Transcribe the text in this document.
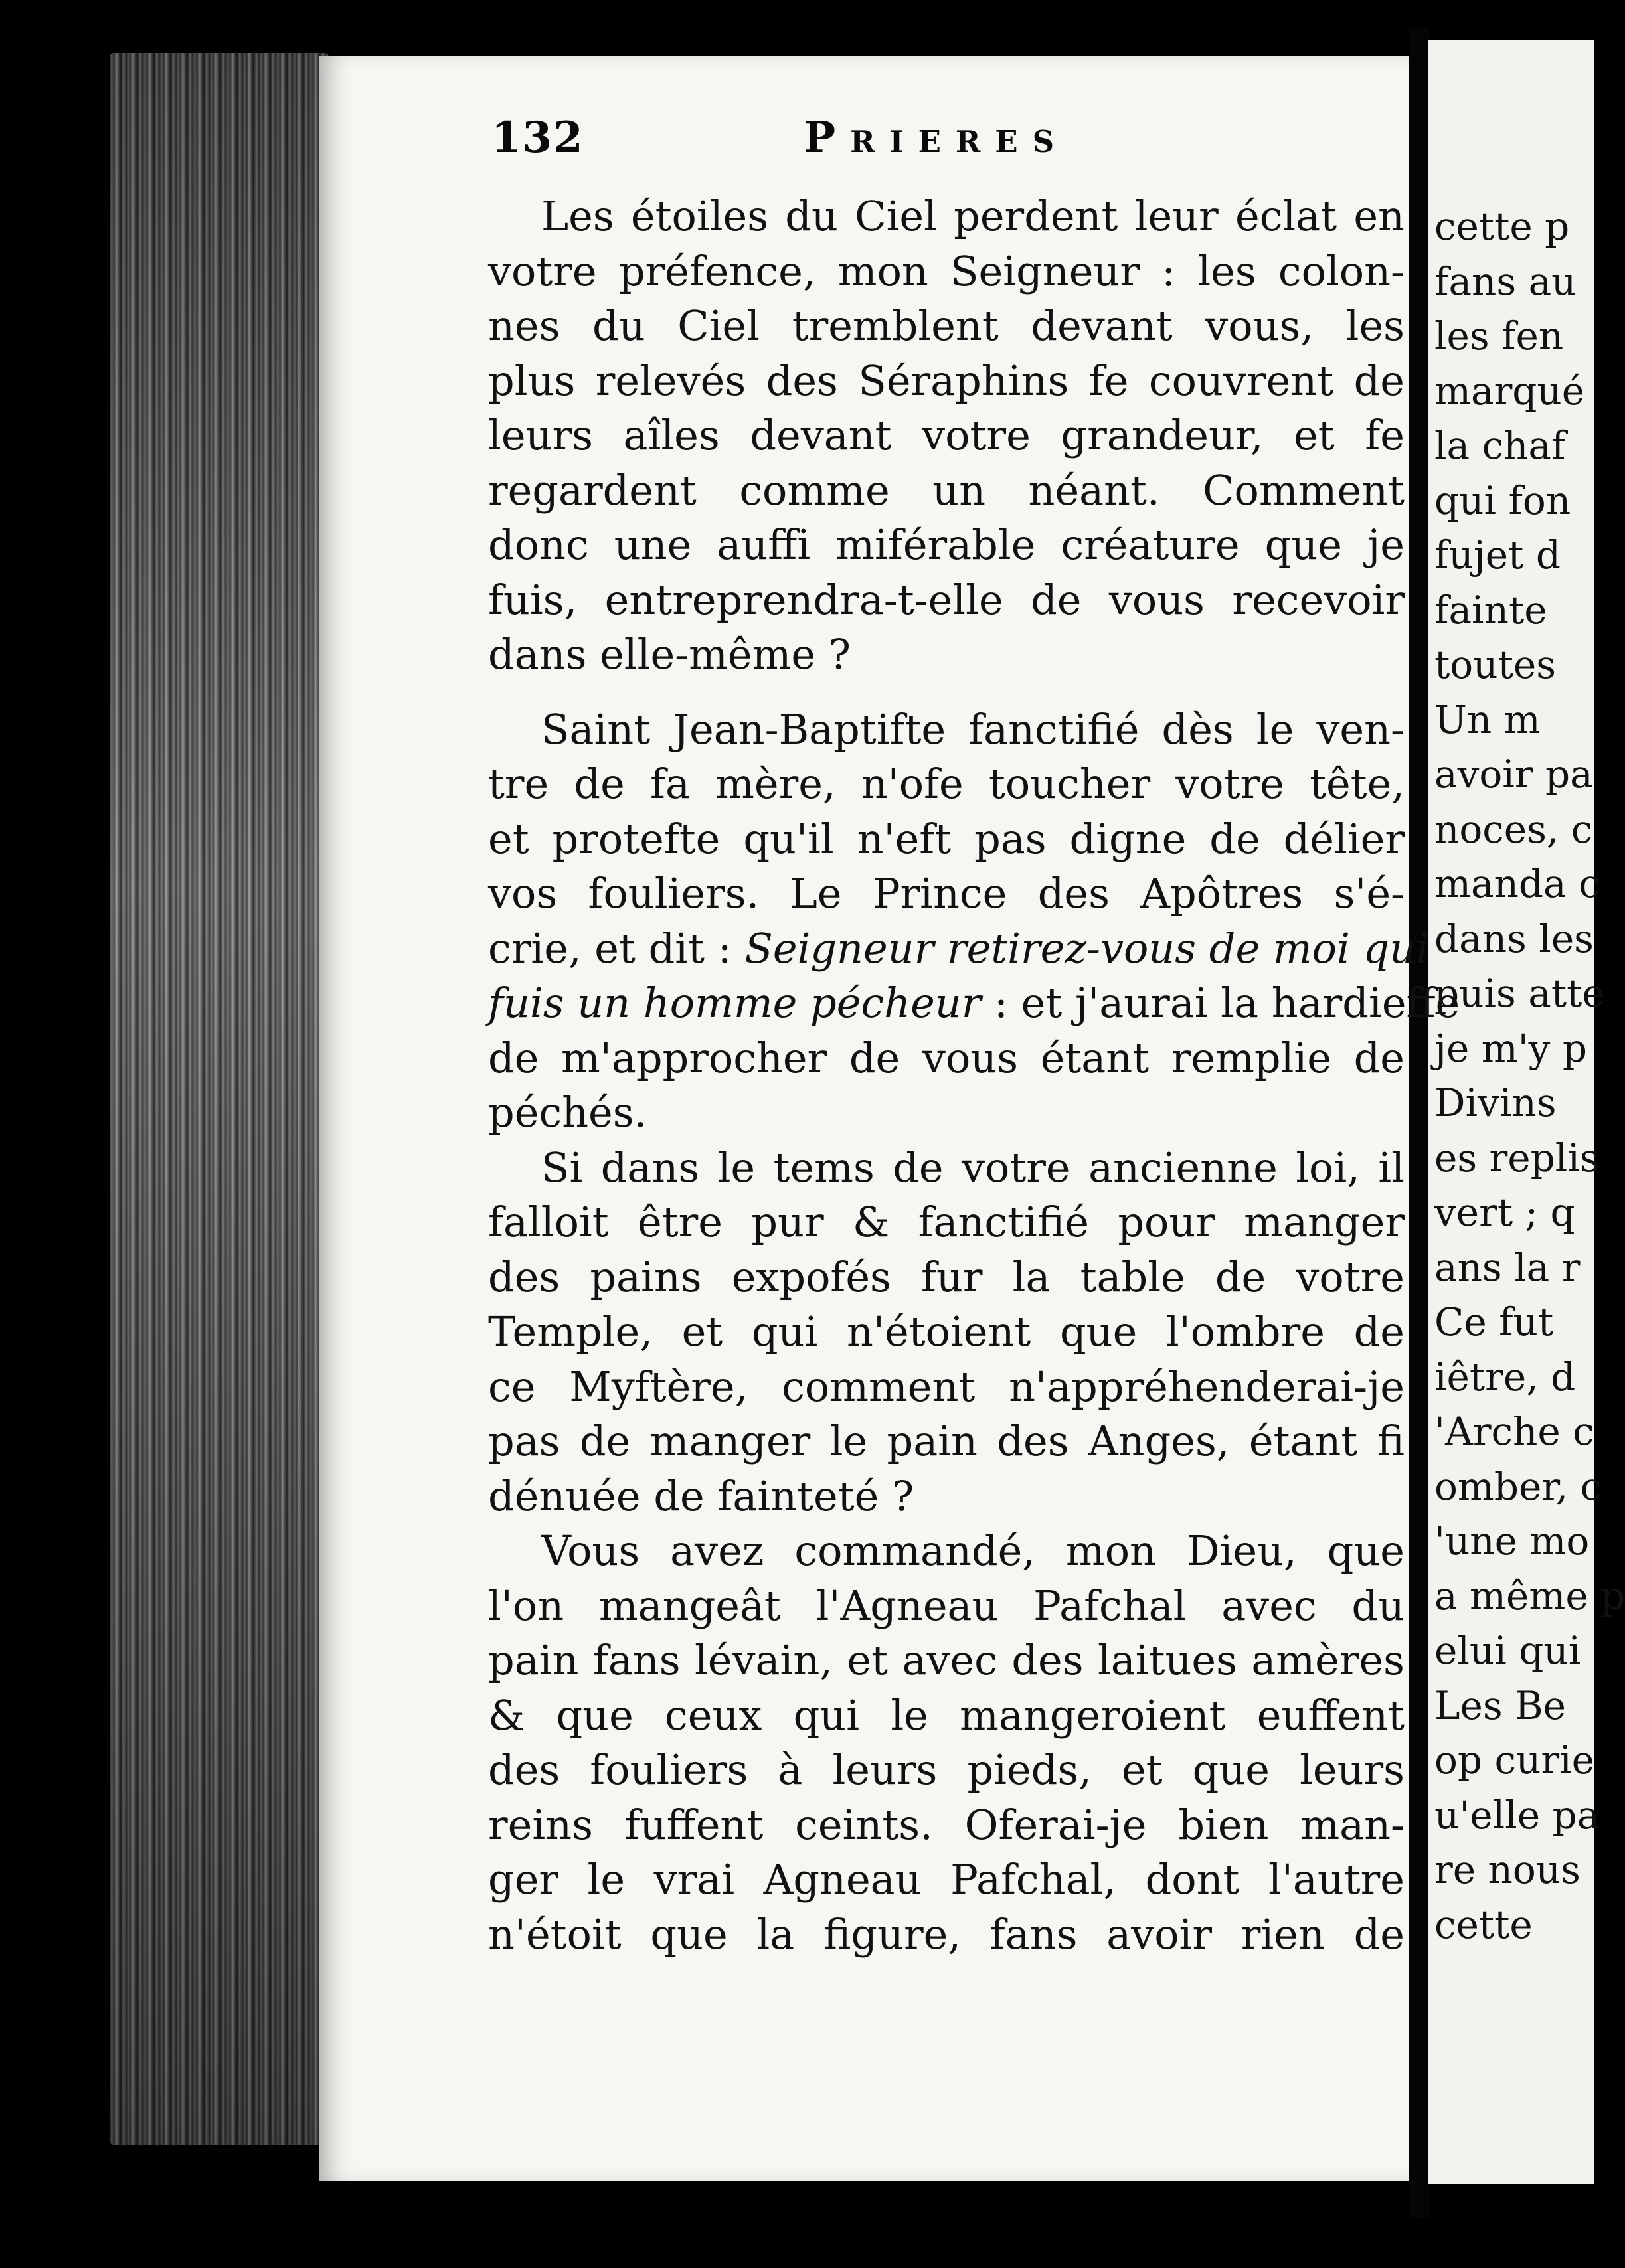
132	Prieres
Les étoiles du Ciel perdent leur éclat en
votre préfence, mon Seigneur : les colon-
nes du Ciel tremblent devant vous, les
plus relevés des Séraphins fe couvrent de
leurs aîles devant votre grandeur, et fe
regardent comme un néant. Comment
donc une auffi miférable créature que je
fuis, entreprendra-t-elle de vous recevoir
dans elle-même ?
Saint Jean-Baptifte fanctifié dès le ven-
tre de fa mère, n'ofe toucher votre tête,
et protefte qu'il n'eft pas digne de délier
vos fouliers. Le Prince des Apôtres s'é-
crie, et dit : Seigneur retirez-vous de moi qui
fuis un homme pécheur : et j'aurai la hardieffe
de m'approcher de vous étant remplie de
péchés.
Si dans le tems de votre ancienne loi, il
falloit être pur & fanctifié pour manger
des pains expofés fur la table de votre
Temple, et qui n'étoient que l'ombre de
ce Myftère, comment n'appréhenderai-je
pas de manger le pain des Anges, étant fi
dénuée de fainteté ?
Vous avez commandé, mon Dieu, que
l'on mangeât l'Agneau Pafchal avec du
pain fans lévain, et avec des laitues amères
& que ceux qui le mangeroient euffent
des fouliers à leurs pieds, et que leurs
reins fuffent ceints. Oferai-je bien man-
ger le vrai Agneau Pafchal, dont l'autre
n'étoit que la figure, fans avoir rien de
cette p
fans au
les fen
marqué
la chaf
qui fon
fujet d
fainte
toutes
Un m
avoir pa
noces, c
manda c
dans les
puis atte
je m'y p
Divins
es replis
vert ; q
ans la r
Ce fut
iêtre, d
'Arche c
omber, c
'une mo
a même p
elui qui
Les Be
op curie
u'elle pa
re nous
cette
